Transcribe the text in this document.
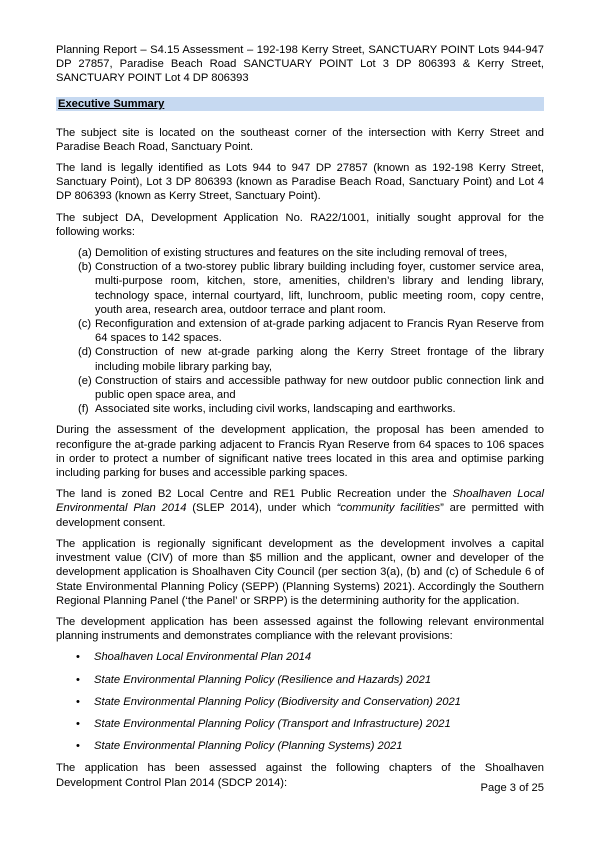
Planning Report – S4.15 Assessment – 192-198 Kerry Street, SANCTUARY POINT Lots 944-947 DP 27857, Paradise Beach Road SANCTUARY POINT Lot 3 DP 806393 & Kerry Street, SANCTUARY POINT Lot 4 DP 806393
Executive Summary

The subject site is located on the southeast corner of the intersection with Kerry Street and Paradise Beach Road, Sanctuary Point.

The land is legally identified as Lots 944 to 947 DP 27857 (known as 192-198 Kerry Street, Sanctuary Point), Lot 3 DP 806393 (known as Paradise Beach Road, Sanctuary Point) and Lot 4 DP 806393 (known as Kerry Street, Sanctuary Point).

The subject DA, Development Application No. RA22/1001, initially sought approval for the following works:

(a) Demolition of existing structures and features on the site including removal of trees,
(b) Construction of a two-storey public library building including foyer, customer service area, multi-purpose room, kitchen, store, amenities, children’s library and lending library, technology space, internal courtyard, lift, lunchroom, public meeting room, copy centre, youth area, research area, outdoor terrace and plant room.
(c) Reconfiguration and extension of at-grade parking adjacent to Francis Ryan Reserve from 64 spaces to 142 spaces.
(d) Construction of new at-grade parking along the Kerry Street frontage of the library including mobile library parking bay,
(e) Construction of stairs and accessible pathway for new outdoor public connection link and public open space area, and
(f) Associated site works, including civil works, landscaping and earthworks.

During the assessment of the development application, the proposal has been amended to reconfigure the at-grade parking adjacent to Francis Ryan Reserve from 64 spaces to 106 spaces in order to protect a number of significant native trees located in this area and optimise parking including parking for buses and accessible parking spaces.

The land is zoned B2 Local Centre and RE1 Public Recreation under the Shoalhaven Local Environmental Plan 2014 (SLEP 2014), under which “community facilities” are permitted with development consent.

The application is regionally significant development as the development involves a capital investment value (CIV) of more than $5 million and the applicant, owner and developer of the development application is Shoalhaven City Council (per section 3(a), (b) and (c) of Schedule 6 of State Environmental Planning Policy (SEPP) (Planning Systems) 2021). Accordingly the Southern Regional Planning Panel (‘the Panel’ or SRPP) is the determining authority for the application.

The development application has been assessed against the following relevant environmental planning instruments and demonstrates compliance with the relevant provisions:

• Shoalhaven Local Environmental Plan 2014
• State Environmental Planning Policy (Resilience and Hazards) 2021
• State Environmental Planning Policy (Biodiversity and Conservation) 2021
• State Environmental Planning Policy (Transport and Infrastructure) 2021
• State Environmental Planning Policy (Planning Systems) 2021

The application has been assessed against the following chapters of the Shoalhaven Development Control Plan 2014 (SDCP 2014):	Page 3 of 25
